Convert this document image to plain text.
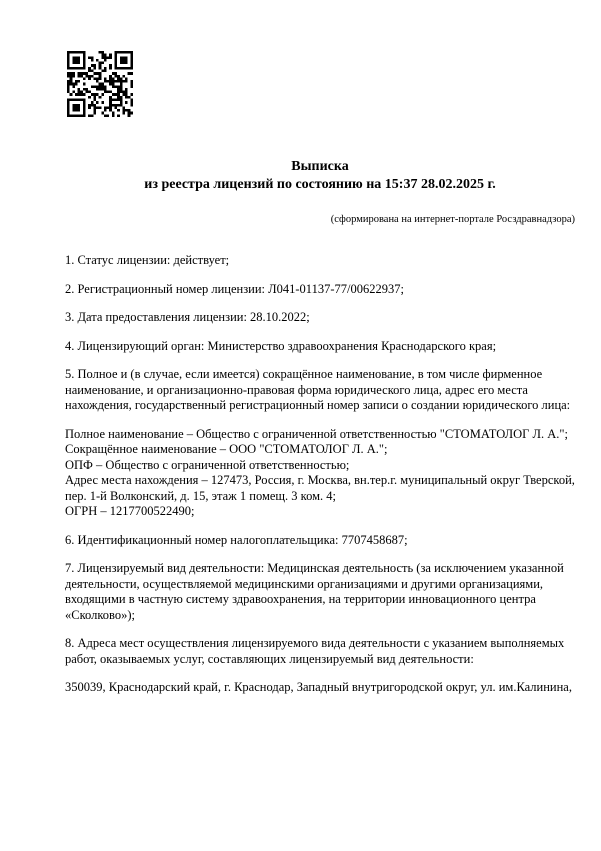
Выписка
из реестра лицензий по состоянию на 15:37 28.02.2025 г.
(сформирована на интернет-портале Росздравнадзора)
1. Статус лицензии: действует;
2. Регистрационный номер лицензии: Л041-01137-77/00622937;
3. Дата предоставления лицензии: 28.10.2022;
4. Лицензирующий орган: Министерство здравоохранения Краснодарского края;
5. Полное и (в случае, если имеется) сокращённое наименование, в том числе фирменное
наименование, и организационно-правовая форма юридического лица, адрес его места
нахождения, государственный регистрационный номер записи о создании юридического лица:
Полное наименование – Общество с ограниченной ответственностью "СТОМАТОЛОГ Л. А.";
Сокращённое наименование – ООО "СТОМАТОЛОГ Л. А.";
ОПФ – Общество с ограниченной ответственностью;
Адрес места нахождения – 127473, Россия, г. Москва, вн.тер.г. муниципальный округ Тверской,
пер. 1-й Волконский, д. 15, этаж 1 помещ. 3 ком. 4;
ОГРН – 1217700522490;
6. Идентификационный номер налогоплательщика: 7707458687;
7. Лицензируемый вид деятельности: Медицинская деятельность (за исключением указанной
деятельности, осуществляемой медицинскими организациями и другими организациями,
входящими в частную систему здравоохранения, на территории инновационного центра
«Сколково»);
8. Адреса мест осуществления лицензируемого вида деятельности с указанием выполняемых
работ, оказываемых услуг, составляющих лицензируемый вид деятельности:
350039, Краснодарский край, г. Краснодар, Западный внутригородской округ, ул. им.Калинина,
